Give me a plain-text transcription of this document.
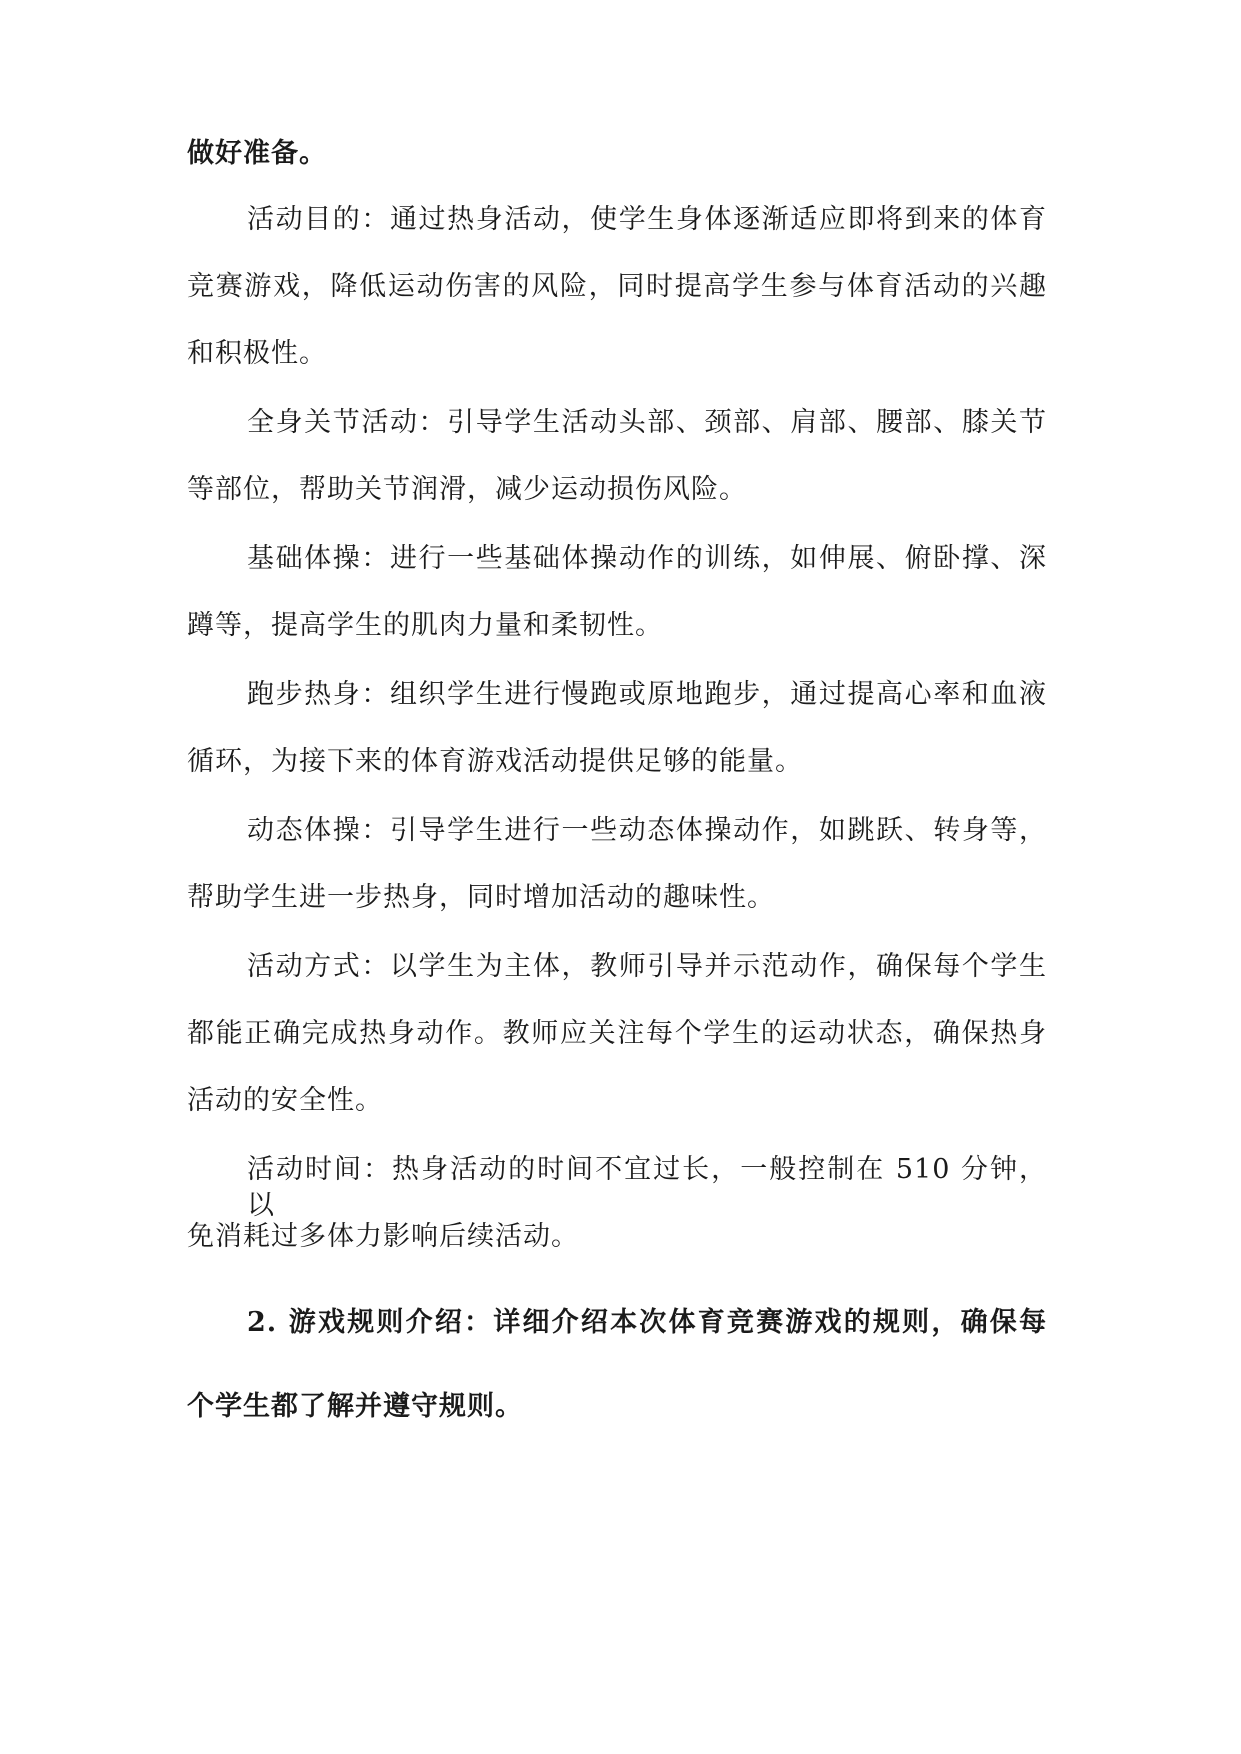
做好准备。

活动目的：通过热身活动，使学生身体逐渐适应即将到来的体育

竞赛游戏，降低运动伤害的风险，同时提高学生参与体育活动的兴趣

和积极性。

全身关节活动：引导学生活动头部、颈部、肩部、腰部、膝关节

等部位，帮助关节润滑，减少运动损伤风险。

基础体操：进行一些基础体操动作的训练，如伸展、俯卧撑、深

蹲等，提高学生的肌肉力量和柔韧性。

跑步热身：组织学生进行慢跑或原地跑步，通过提高心率和血液

循环，为接下来的体育游戏活动提供足够的能量。

动态体操：引导学生进行一些动态体操动作，如跳跃、转身等，

帮助学生进一步热身，同时增加活动的趣味性。

活动方式：以学生为主体，教师引导并示范动作，确保每个学生

都能正确完成热身动作。教师应关注每个学生的运动状态，确保热身

活动的安全性。

活动时间：热身活动的时间不宜过长，一般控制在 510 分钟，以

免消耗过多体力影响后续活动。

2. 游戏规则介绍：详细介绍本次体育竞赛游戏的规则，确保每

个学生都了解并遵守规则。
